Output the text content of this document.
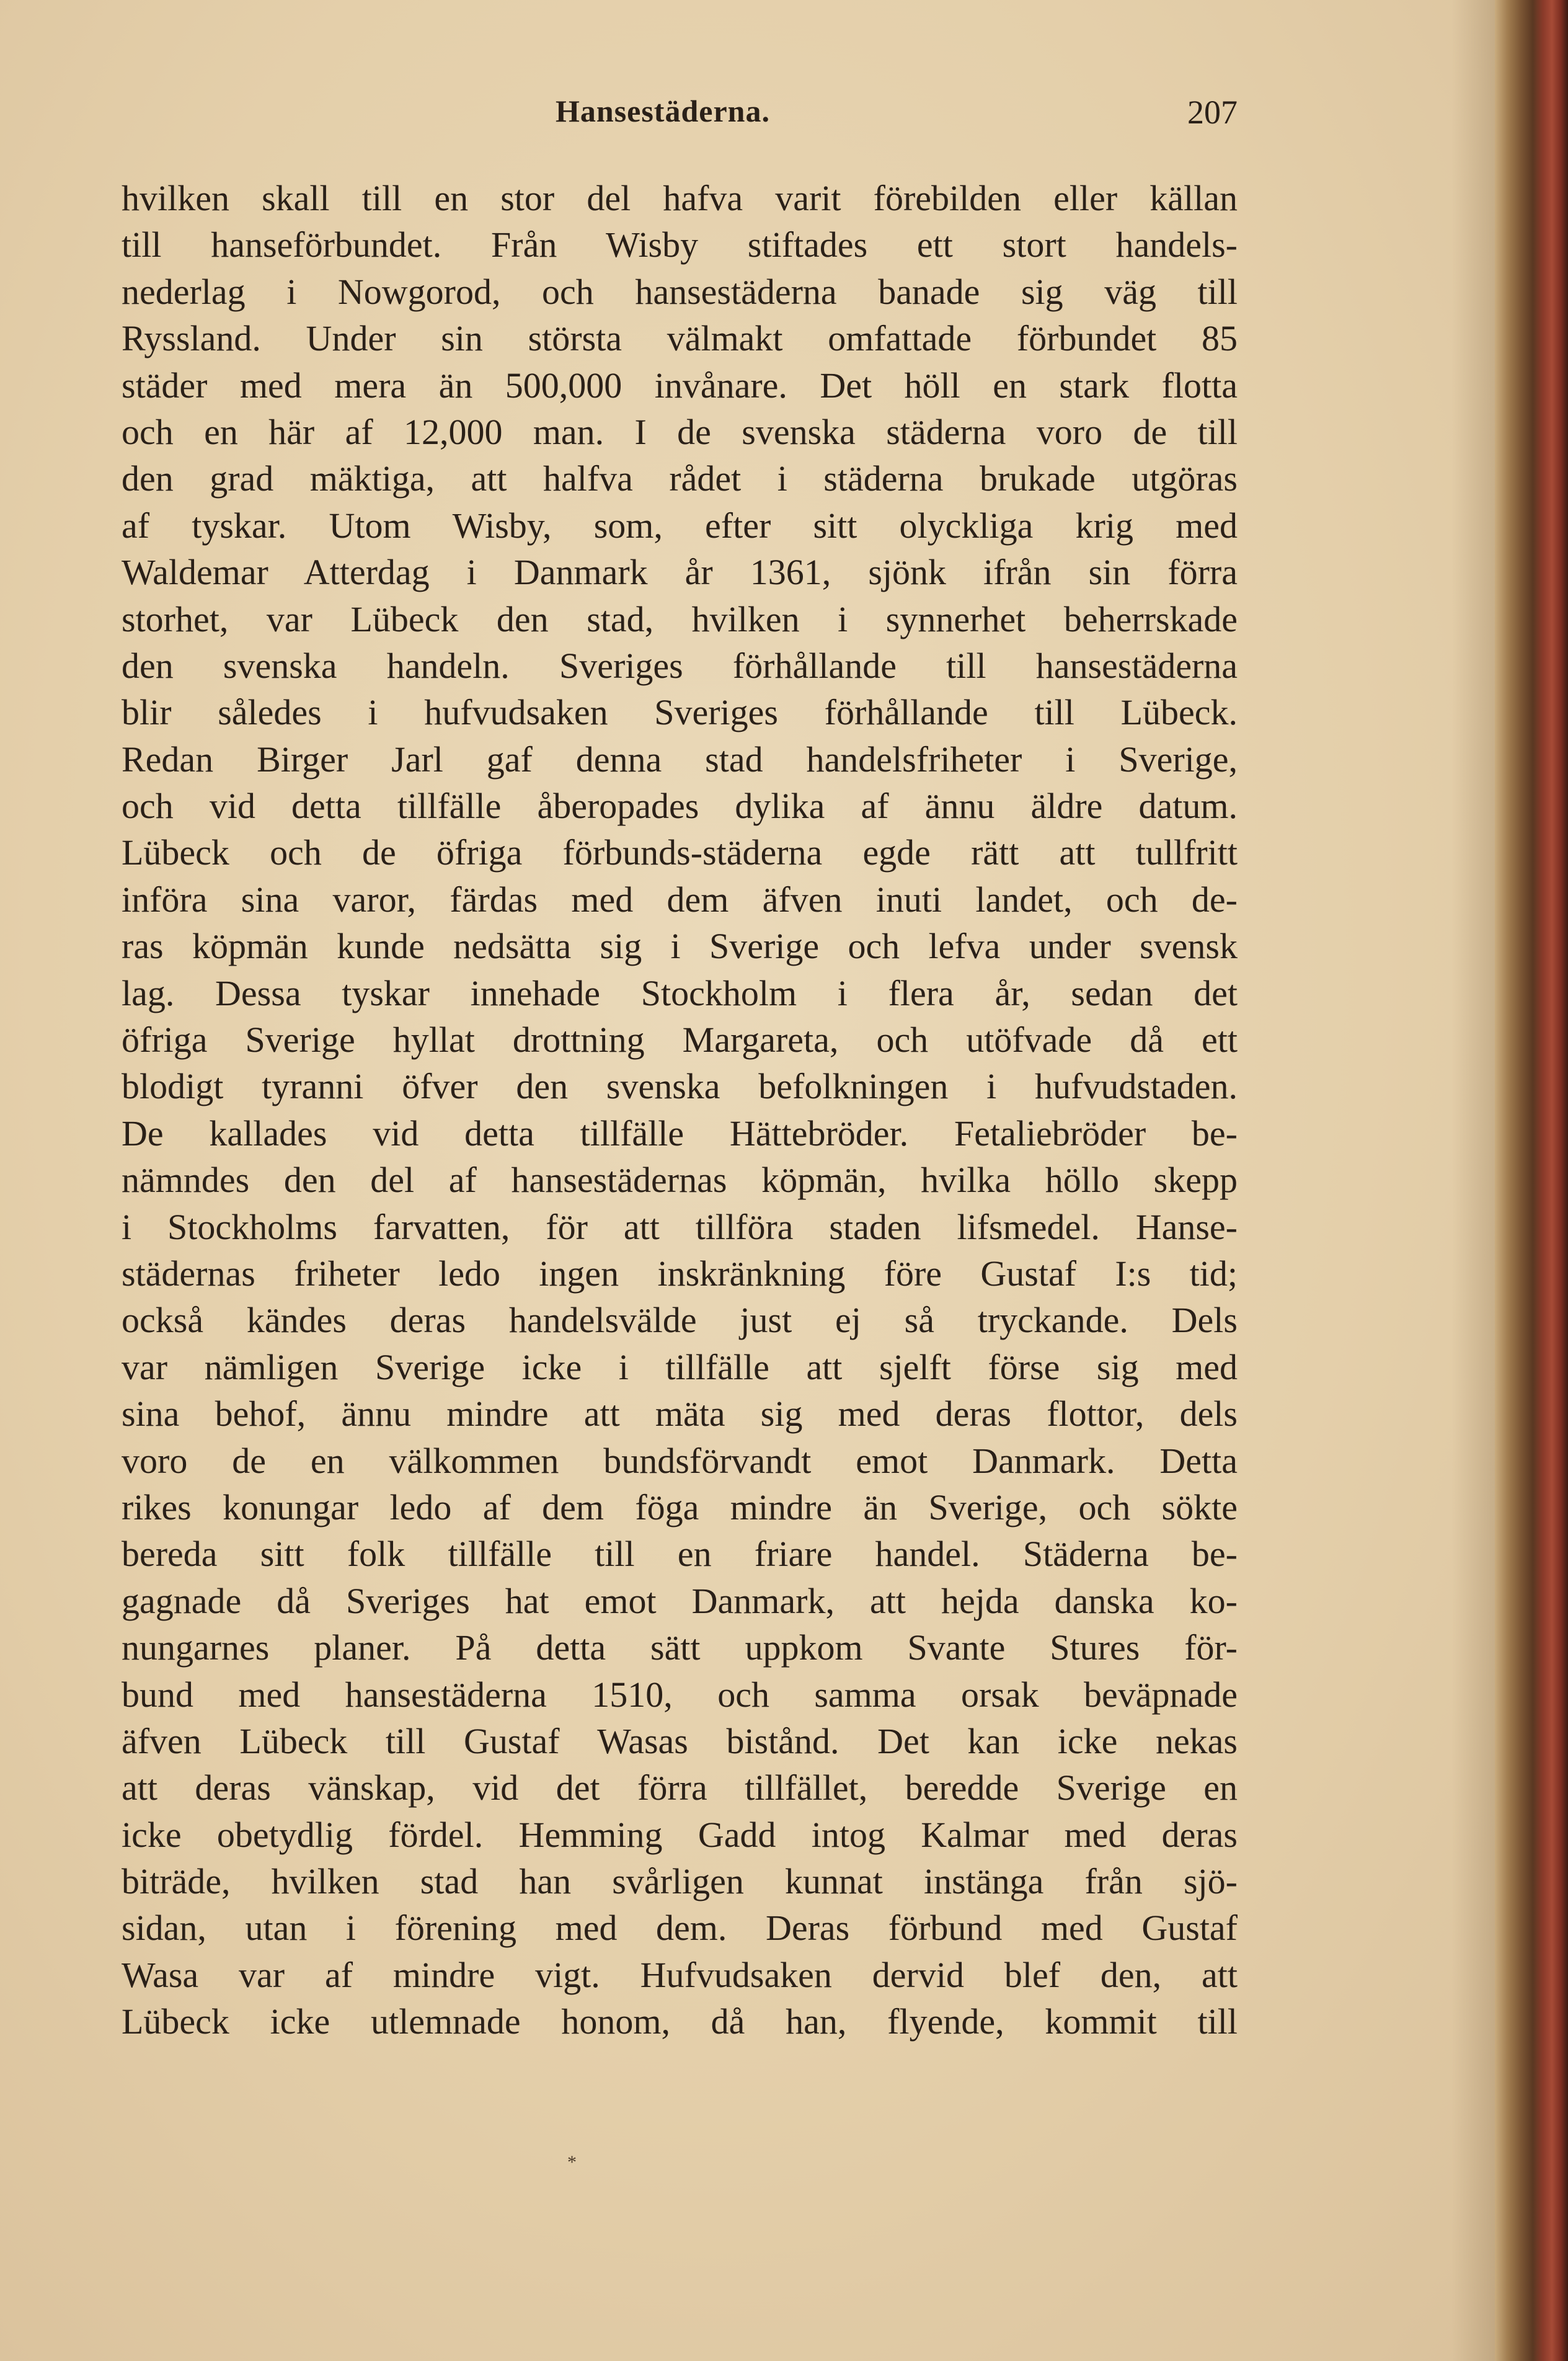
Hansestäderna.	207
hvilken skall till en stor del hafva varit förebilden eller källan
till hanseförbundet. Från Wisby stiftades ett stort handels-
nederlag i Nowgorod, och hansestäderna banade sig väg till
Ryssland. Under sin största välmakt omfattade förbundet 85
städer med mera än 500,000 invånare. Det höll en stark flotta
och en här af 12,000 man. I de svenska städerna voro de till
den grad mäktiga, att halfva rådet i städerna brukade utgöras
af tyskar. Utom Wisby, som, efter sitt olyckliga krig med
Waldemar Atterdag i Danmark år 1361, sjönk ifrån sin förra
storhet, var Lübeck den stad, hvilken i synnerhet beherrskade
den svenska handeln. Sveriges förhållande till hansestäderna
blir således i hufvudsaken Sveriges förhållande till Lübeck.
Redan Birger Jarl gaf denna stad handelsfriheter i Sverige,
och vid detta tillfälle åberopades dylika af ännu äldre datum.
Lübeck och de öfriga förbunds-städerna egde rätt att tullfritt
införa sina varor, färdas med dem äfven inuti landet, och de-
ras köpmän kunde nedsätta sig i Sverige och lefva under svensk
lag. Dessa tyskar innehade Stockholm i flera år, sedan det
öfriga Sverige hyllat drottning Margareta, och utöfvade då ett
blodigt tyranni öfver den svenska befolkningen i hufvudstaden.
De kallades vid detta tillfälle Hättebröder. Fetaliebröder be-
nämndes den del af hansestädernas köpmän, hvilka höllo skepp
i Stockholms farvatten, för att tillföra staden lifsmedel. Hanse-
städernas friheter ledo ingen inskränkning före Gustaf I:s tid;
också kändes deras handelsvälde just ej så tryckande. Dels
var nämligen Sverige icke i tillfälle att sjelft förse sig med
sina behof, ännu mindre att mäta sig med deras flottor, dels
voro de en välkommen bundsförvandt emot Danmark. Detta
rikes konungar ledo af dem föga mindre än Sverige, och sökte
bereda sitt folk tillfälle till en friare handel. Städerna be-
gagnade då Sveriges hat emot Danmark, att hejda danska ko-
nungarnes planer. På detta sätt uppkom Svante Stures för-
bund med hansestäderna 1510, och samma orsak beväpnade
äfven Lübeck till Gustaf Wasas bistånd. Det kan icke nekas
att deras vänskap, vid det förra tillfället, beredde Sverige en
icke obetydlig fördel. Hemming Gadd intog Kalmar med deras
biträde, hvilken stad han svårligen kunnat instänga från sjö-
sidan, utan i förening med dem. Deras förbund med Gustaf
Wasa var af mindre vigt. Hufvudsaken dervid blef den, att
Lübeck icke utlemnade honom, då han, flyende, kommit till
*
